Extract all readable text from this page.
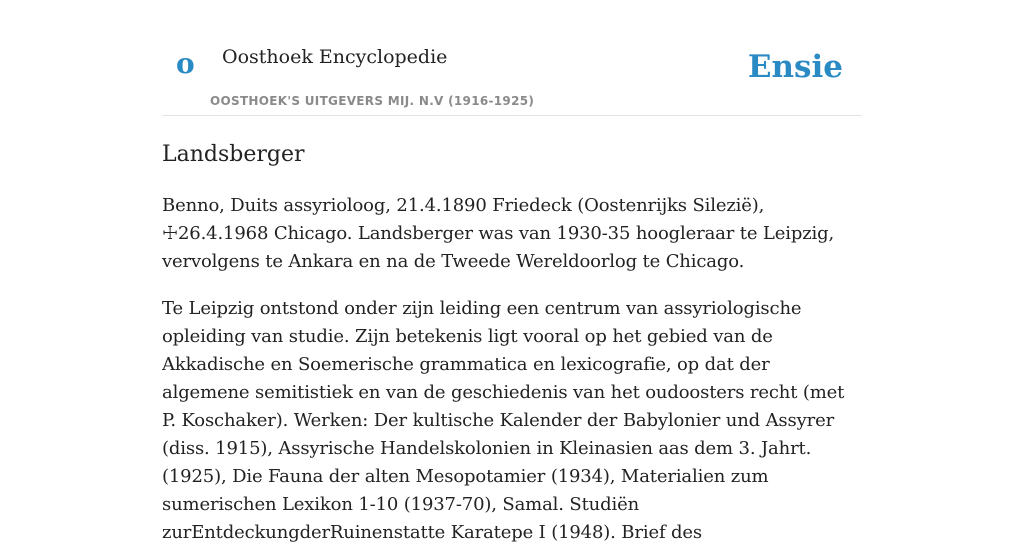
o Oosthoek Encyclopedie
OOSTHOEK'S UITGEVERS MIJ. N.V (1916-1925)
Ensie
Landsberger

Benno, Duits assyrioloog, 21.4.1890 Friedeck (Oostenrijks Silezië), ☩26.4.1968 Chicago. Landsberger was van 1930-35 hoogleraar te Leipzig, vervolgens te Ankara en na de Tweede Wereldoorlog te Chicago.

Te Leipzig ontstond onder zijn leiding een centrum van assyriologische opleiding van studie. Zijn betekenis ligt vooral op het gebied van de Akkadische en Soemerische grammatica en lexicografie, op dat der algemene semitistiek en van de geschiedenis van het oudoosters recht (met P. Koschaker). Werken: Der kultische Kalender der Babylonier und Assyrer (diss. 1915), Assyrische Handelskolonien in Kleinasien aas dem 3. Jahrt. (1925), Die Fauna der alten Mesopotamier (1934), Materialien zum sumerischen Lexikon 1-10 (1937-70), Samal. Studiën zurEntdeckungderRuinenstatte Karatepe I (1948). Brief des
